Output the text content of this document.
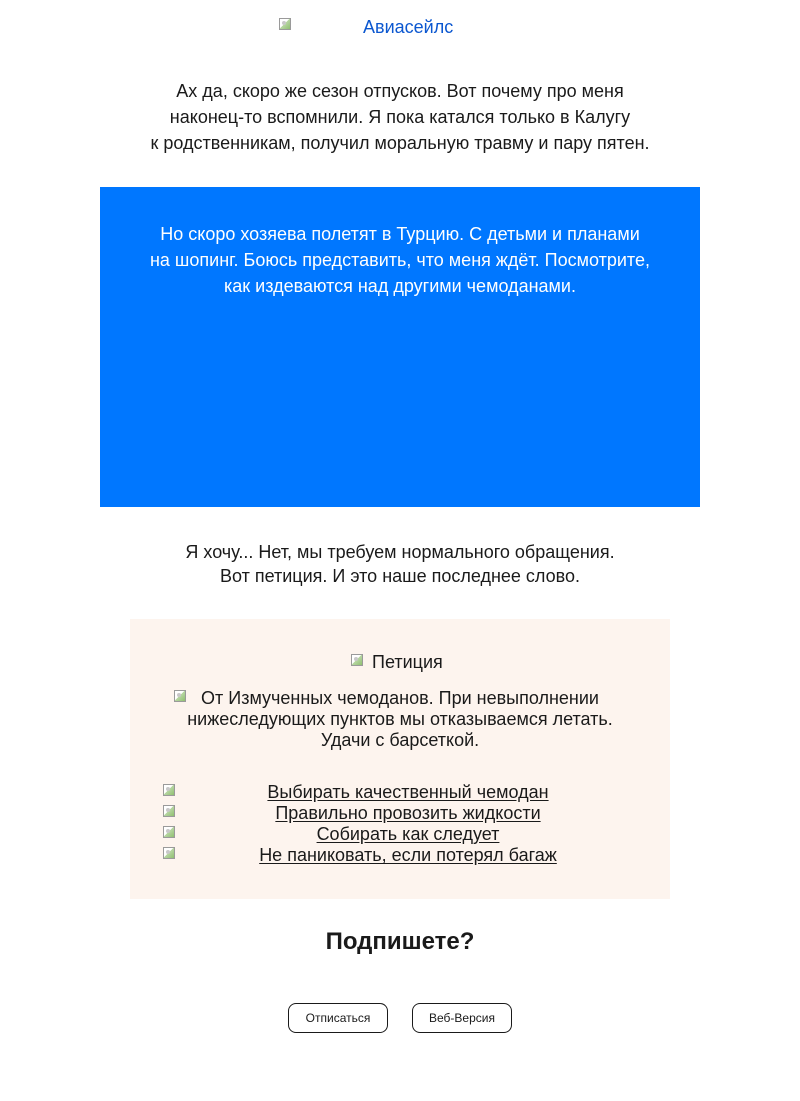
Авиасейлс
Ах да, скоро же сезон отпусков. Вот почему про меня
наконец-то вспомнили. Я пока катался только в Калугу
к родственникам, получил моральную травму и пару пятен.
Но скоро хозяева полетят в Турцию. С детьми и планами
на шопинг. Боюсь представить, что меня ждёт. Посмотрите,
как издеваются над другими чемоданами.
Я хочу... Нет, мы требуем нормального обращения.
Вот петиция. И это наше последнее слово.
Петиция
От Измученных чемоданов. При невыполнении
нижеследующих пунктов мы отказываемся летать.
Удачи с барсеткой.
Выбирать качественный чемодан
Правильно провозить жидкости
Собирать как следует
Не паниковать, если потерял багаж
Подпишете?
Отписаться	Веб-Версия
